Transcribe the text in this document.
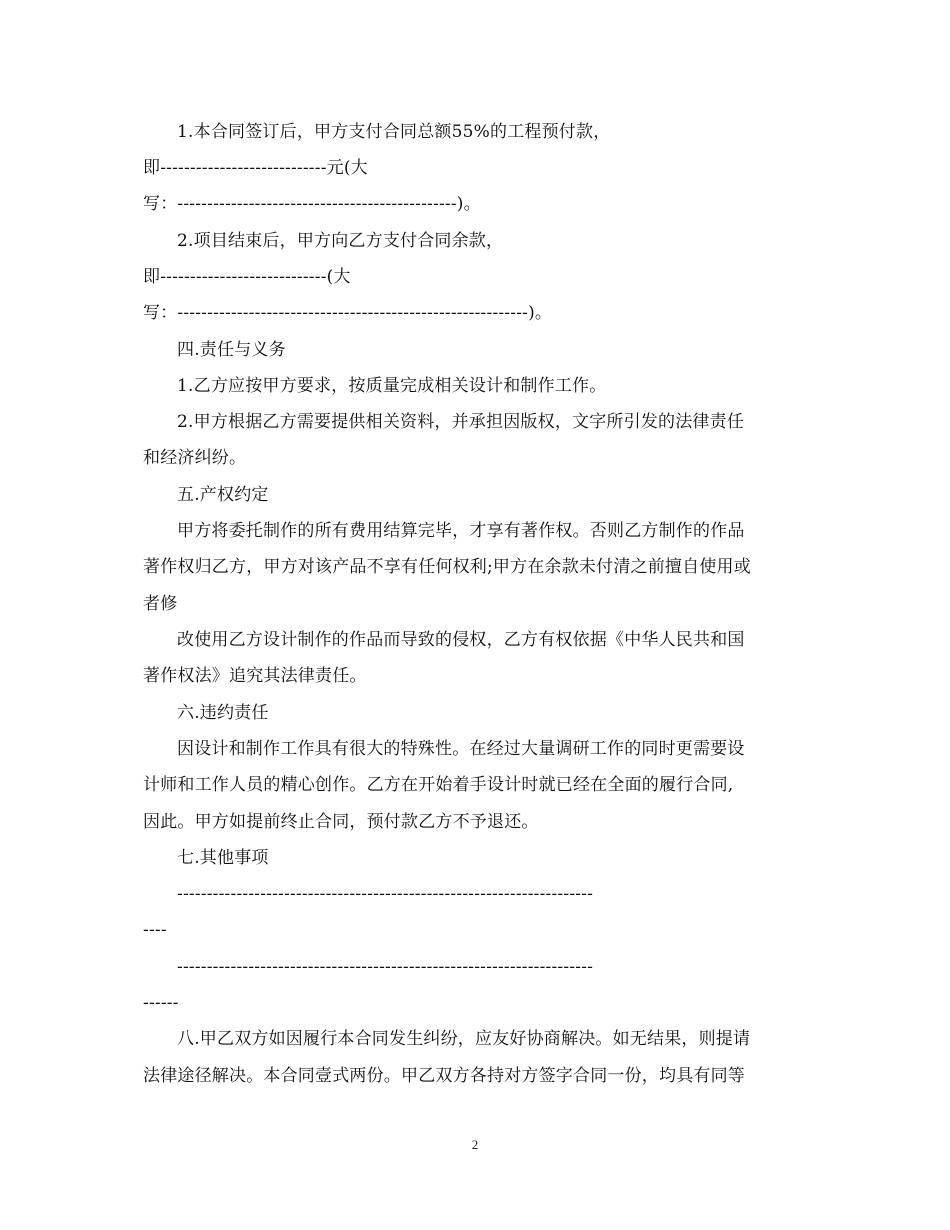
1.本合同签订后，甲方支付合同总额55%的工程预付款，
即----------------------------元(大
写：-----------------------------------------------)。
2.项目结束后，甲方向乙方支付合同余款，
即----------------------------(大
写：-----------------------------------------------------------)。
四.责任与义务
1.乙方应按甲方要求，按质量完成相关设计和制作工作。
2.甲方根据乙方需要提供相关资料，并承担因版权，文字所引发的法律责任
和经济纠纷。
五.产权约定
甲方将委托制作的所有费用结算完毕，才享有著作权。否则乙方制作的作品
著作权归乙方，甲方对该产品不享有任何权利;甲方在余款未付清之前擅自使用或
者修
改使用乙方设计制作的作品而导致的侵权，乙方有权依据《中华人民共和国
著作权法》追究其法律责任。
六.违约责任
因设计和制作工作具有很大的特殊性。在经过大量调研工作的同时更需要设
计师和工作人员的精心创作。乙方在开始着手设计时就已经在全面的履行合同,
因此。甲方如提前终止合同，预付款乙方不予退还。
七.其他事项
----------------------------------------------------------------------
----
----------------------------------------------------------------------
------
八.甲乙双方如因履行本合同发生纠纷，应友好协商解决。如无结果，则提请
法律途径解决。本合同壹式两份。甲乙双方各持对方签字合同一份，均具有同等
2
